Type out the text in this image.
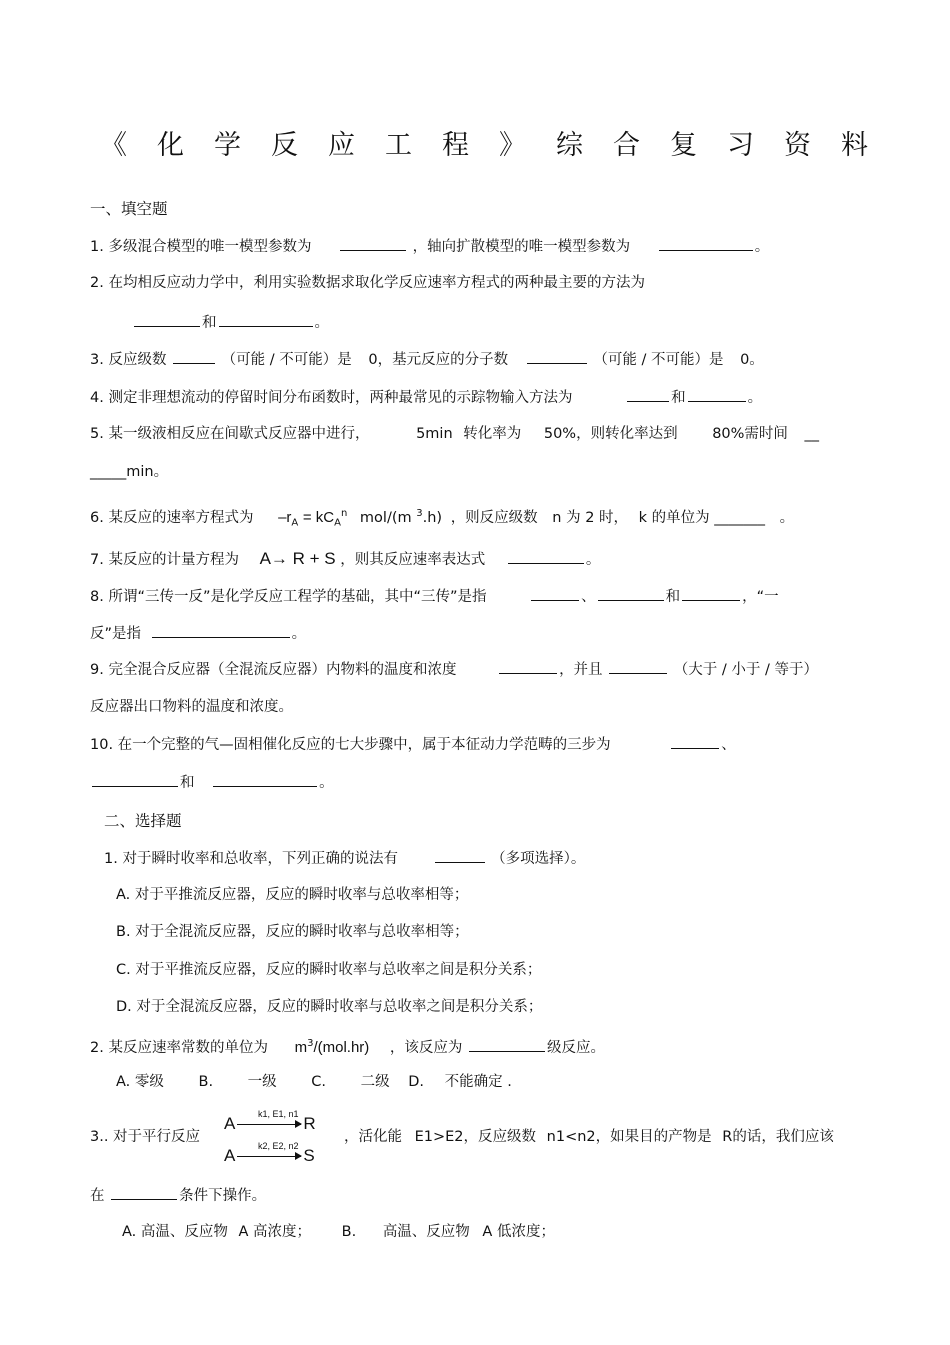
《化学反应工程》综合复习资料
一、填空题
1. 多级混合模型的唯一模型参数为	，轴向扩散模型的唯一模型参数为	。
2. 在均相反应动力学中，利用实验数据求取化学反应速率方程式的两种最主要的方法为
和	。
3. 反应级数	（可能 / 不可能）是 0，基元反应的分子数	（可能 / 不可能）是 0。
4. 测定非理想流动的停留时间分布函数时，两种最常见的示踪物输入方法为	和	。
5. 某一级液相反应在间歇式反应器中进行，	5min 转化率为 50%，则转化率达到 80%需时间 __
_____min。
6. 某反应的速率方程式为 $-r_A = kC_A^n$ mol/(m $^3$.h) ，则反应级数 n 为 2 时， k 的单位为 _______ 。
7. 某反应的计量方程为 A→ R + S ，则其反应速率表达式	。
8. 所谓“三传一反”是化学反应工程学的基础，其中“三传”是指	、	和	，“一
反”是指	。
9. 完全混合反应器（全混流反应器）内物料的温度和浓度	，并且	（大于 / 小于 / 等于）
反应器出口物料的温度和浓度。
10. 在一个完整的气—固相催化反应的七大步骤中，属于本征动力学范畴的三步为	、
和	。
二、选择题
1. 对于瞬时收率和总收率，下列正确的说法有	（多项选择）。
A. 对于平推流反应器，反应的瞬时收率与总收率相等；
B. 对于全混流反应器，反应的瞬时收率与总收率相等；
C. 对于平推流反应器，反应的瞬时收率与总收率之间是积分关系；
D. 对于全混流反应器，反应的瞬时收率与总收率之间是积分关系；
2. 某反应速率常数的单位为 $m^3/(mol.hr)$ ，该反应为	级反应。
A. 零级 B. 一级 C. 二级 D. 不能确定 .
3.. 对于平行反应
A → R
k1, E1, n1
A → S
k2, E2, n2
，活化能 E1>E2，反应级数 n1<n2，如果目的产物是 R的话，我们应该
在	条件下操作。
A. 高温、反应物 A 高浓度； B. 高温、反应物 A 低浓度；
